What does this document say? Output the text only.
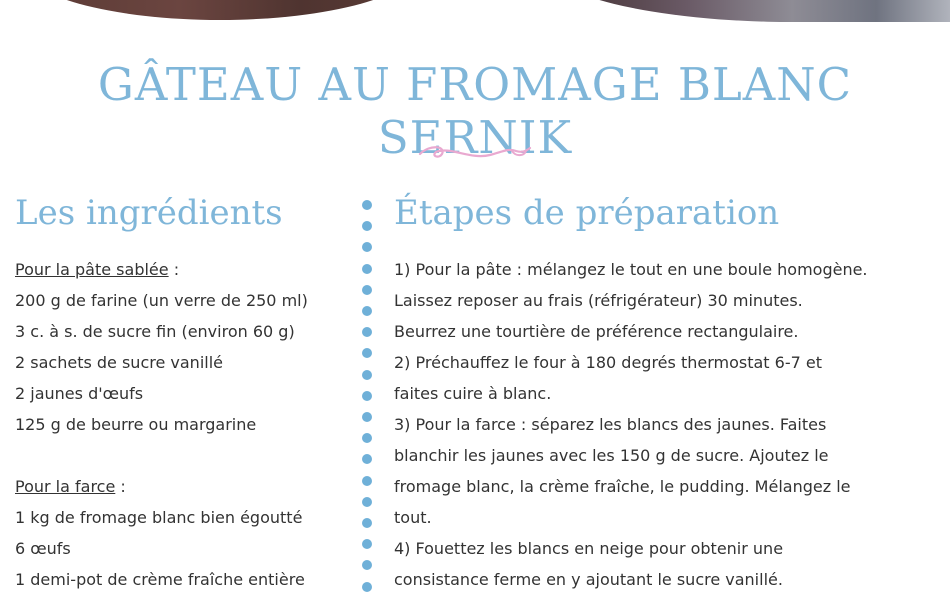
GÂTEAU AU FROMAGE BLANC SERNIK
Les ingrédients	Étapes de préparation
Pour la pâte sablée :
200 g de farine (un verre de 250 ml)
3 c. à s. de sucre fin (environ 60 g)
2 sachets de sucre vanillé
2 jaunes d'œufs
125 g de beurre ou margarine
Pour la farce :
1 kg de fromage blanc bien égoutté
6 œufs
1 demi-pot de crème fraîche entière
1) Pour la pâte : mélangez le tout en une boule homogène.
Laissez reposer au frais (réfrigérateur) 30 minutes.
Beurrez une tourtière de préférence rectangulaire.
2) Préchauffez le four à 180 degrés thermostat 6-7 et
faites cuire à blanc.
3) Pour la farce : séparez les blancs des jaunes. Faites
blanchir les jaunes avec les 150 g de sucre. Ajoutez le
fromage blanc, la crème fraîche, le pudding. Mélangez le
tout.
4) Fouettez les blancs en neige pour obtenir une
consistance ferme en y ajoutant le sucre vanillé.
